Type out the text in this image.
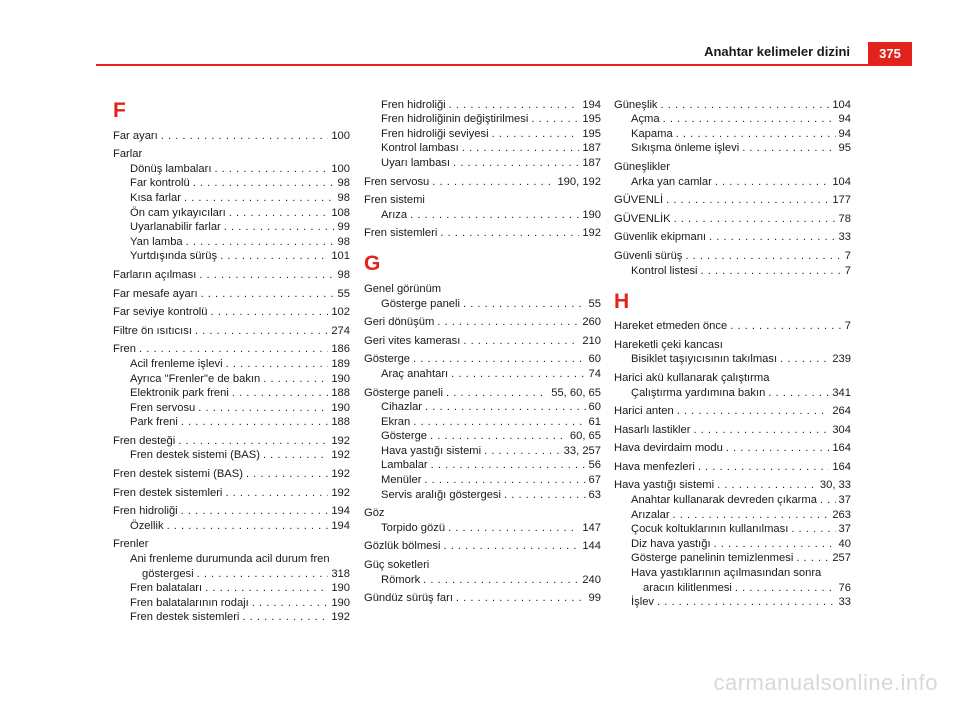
Anahtar kelimeler dizini	375
F
Far ayarı . . .	100
Farlar
Dönüş lambaları . . .	100
Far kontrolü . . .	98
Kısa farlar . . .	98
Ön cam yıkayıcıları . . .	108
Uyarlanabilir farlar . . .	99
Yan lamba . . .	98
Yurtdışında sürüş . . .	101
Farların açılması . . .	98
Far mesafe ayarı . . .	55
Far seviye kontrolü . . .	102
Filtre ön ısıtıcısı . . .	274
Fren . . .	186
Acil frenleme işlevi . . .	189
Ayrıca "Frenler"e de bakın . . .	190
Elektronik park freni . . .	188
Fren servosu . . .	190
Park freni . . .	188
Fren desteği . . .	192
Fren destek sistemi (BAS) . . .	192
Fren destek sistemi (BAS) . . .	192
Fren destek sistemleri . . .	192
Fren hidroliği . . .	194
Özellik . . .	194
Frenler
Ani frenleme durumunda acil durum fren
göstergesi . . .	318
Fren balataları . . .	190
Fren balatalarının rodajı . . .	190
Fren destek sistemleri . . .	192
Fren hidroliği . . .	194
Fren hidroliğinin değiştirilmesi . . .	195
Fren hidroliği seviyesi . . .	195
Kontrol lambası . . .	187
Uyarı lambası . . .	187
Fren servosu . . .	190, 192
Fren sistemi
Arıza . . .	190
Fren sistemleri . . .	192
G
Genel görünüm
Gösterge paneli . . .	55
Geri dönüşüm . . .	260
Geri vites kamerası . . .	210
Gösterge . . .	60
Araç anahtarı . . .	74
Gösterge paneli . . .	55, 60, 65
Cihazlar . . .	60
Ekran . . .	61
Gösterge . . .	60, 65
Hava yastığı sistemi . . .	33, 257
Lambalar . . .	56
Menüler . . .	67
Servis aralığı göstergesi . . .	63
Göz
Torpido gözü . . .	147
Gözlük bölmesi . . .	144
Güç soketleri
Römork . . .	240
Gündüz sürüş farı . . .	99
Güneşlik . . .	104
Açma . . .	94
Kapama . . .	94
Sıkışma önleme işlevi . . .	95
Güneşlikler
Arka yan camlar . . .	104
GÜVENLİ . . .	177
GÜVENLİK . . .	78
Güvenlik ekipmanı . . .	33
Güvenli sürüş . . .	7
Kontrol listesi . . .	7
H
Hareket etmeden önce . . .	7
Hareketli çeki kancası
Bisiklet taşıyıcısının takılması . . .	239
Harici akü kullanarak çalıştırma
Çalıştırma yardımına bakın . . .	341
Harici anten . . .	264
Hasarlı lastikler . . .	304
Hava devirdaim modu . . .	164
Hava menfezleri . . .	164
Hava yastığı sistemi . . .	30, 33
Anahtar kullanarak devreden çıkarma . . . 37
Arızalar . . .	263
Çocuk koltuklarının kullanılması . . .	37
Diz hava yastığı . . .	40
Gösterge panelinin temizlenmesi . . .	257
Hava yastıklarının açılmasından sonra
aracın kilitlenmesi . . .	76
İşlev . . .	33
carmanualsonline.info
